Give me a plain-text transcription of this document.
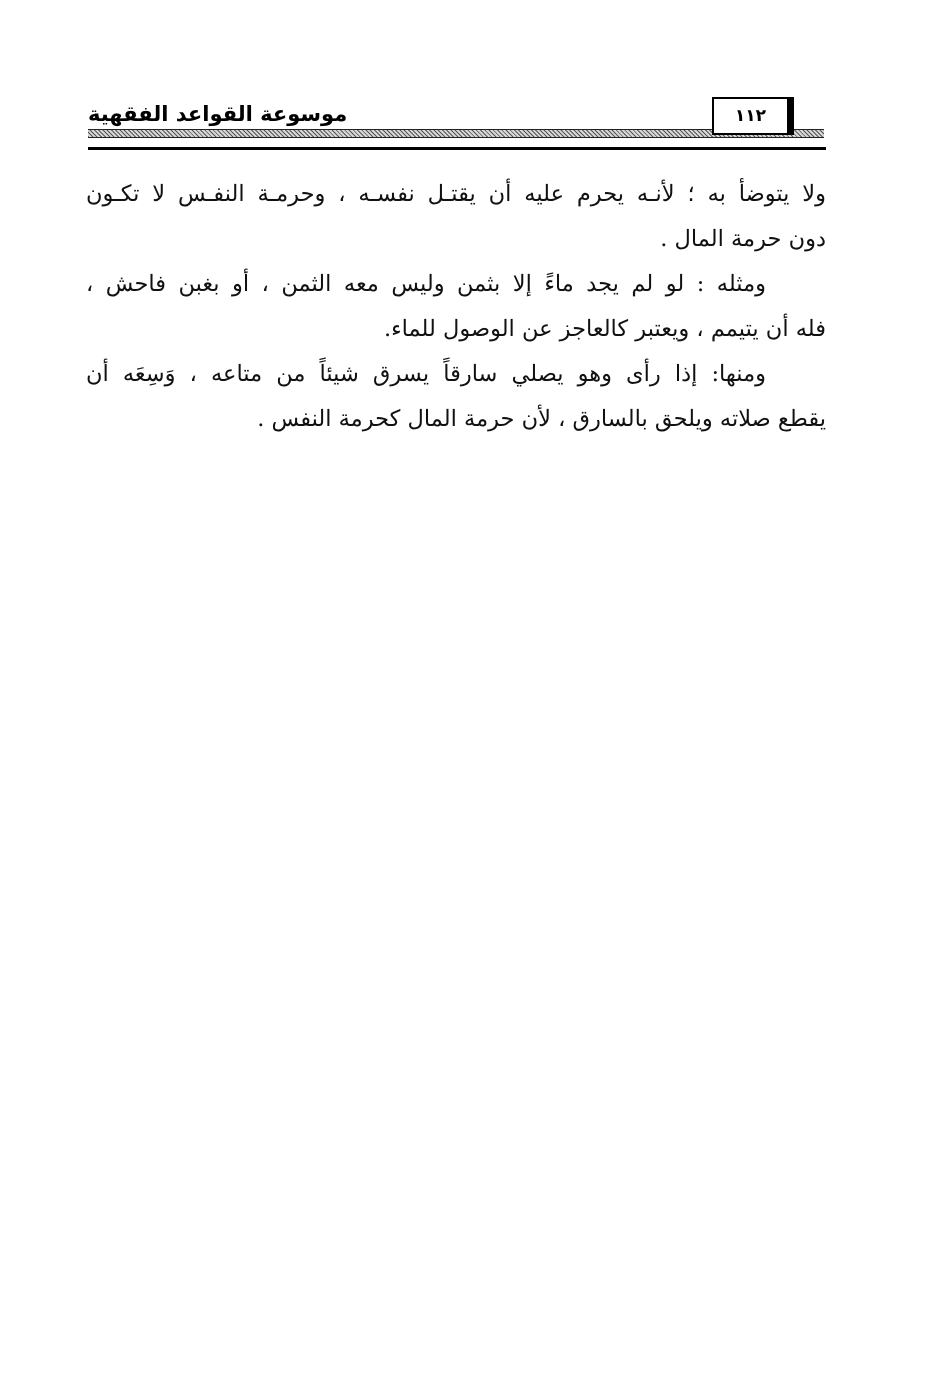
موسوعة القواعد الفقهية	١١٢
ولا يتوضأ به ؛ لأنـه يحرم عليه أن يقتـل نفسـه ، وحرمـة النفـس لا تكـون
دون حرمة المال .
ومثله : لو لم يجد ماءً إلا بثمن وليس معه الثمن ، أو بغبن فاحش ،
فله أن يتيمم ، ويعتبر كالعاجز عن الوصول للماء.
ومنها: إذا رأى وهو يصلي سارقاً يسرق شيئاً من متاعه ، وَسِعَه أن
يقطع صلاته ويلحق بالسارق ، لأن حرمة المال كحرمة النفس .
